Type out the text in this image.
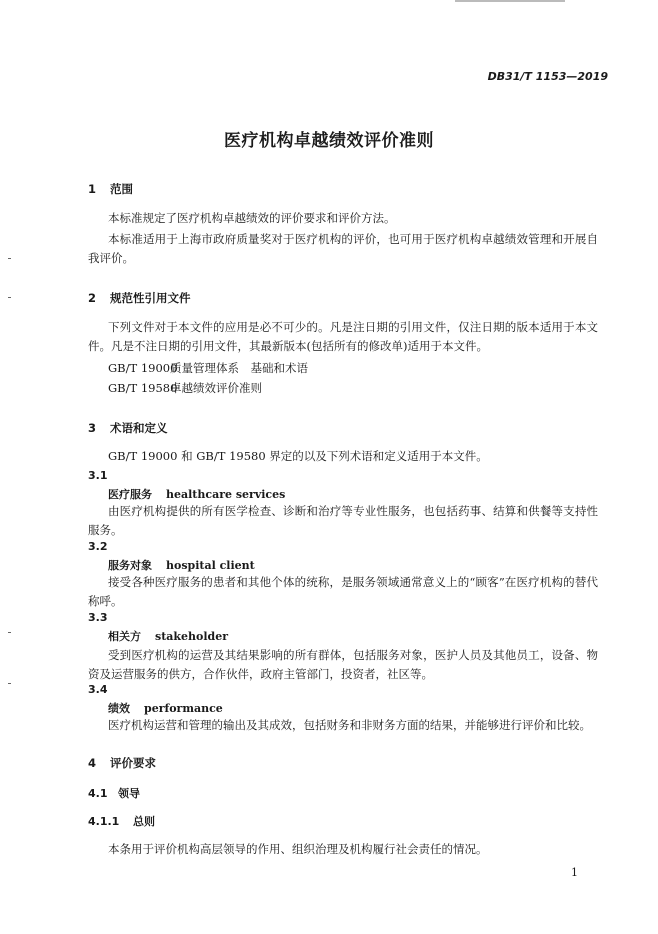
DB31/T 1153—2019
医疗机构卓越绩效评价准则
1 范围
本标准规定了医疗机构卓越绩效的评价要求和评价方法。
本标准适用于上海市政府质量奖对于医疗机构的评价，也可用于医疗机构卓越绩效管理和开展自我评价。
2 规范性引用文件
下列文件对于本文件的应用是必不可少的。凡是注日期的引用文件，仅注日期的版本适用于本文件。凡是不注日期的引用文件，其最新版本(包括所有的修改单)适用于本文件。
GB/T 19000质量管理体系　基础和术语
GB/T 19580卓越绩效评价准则
3 术语和定义
GB/T 19000 和 GB/T 19580 界定的以及下列术语和定义适用于本文件。
3.1
医疗服务 healthcare services
由医疗机构提供的所有医学检查、诊断和治疗等专业性服务，也包括药事、结算和供餐等支持性服务。
3.2
服务对象 hospital client
接受各种医疗服务的患者和其他个体的统称，是服务领域通常意义上的“顾客”在医疗机构的替代称呼。
3.3
相关方 stakeholder
受到医疗机构的运营及其结果影响的所有群体，包括服务对象，医护人员及其他员工，设备、物资及运营服务的供方，合作伙伴，政府主管部门，投资者，社区等。
3.4
绩效 performance
医疗机构运营和管理的输出及其成效，包括财务和非财务方面的结果，并能够进行评价和比较。
4 评价要求
4.1 领导
4.1.1 总则
本条用于评价机构高层领导的作用、组织治理及机构履行社会责任的情况。
1
